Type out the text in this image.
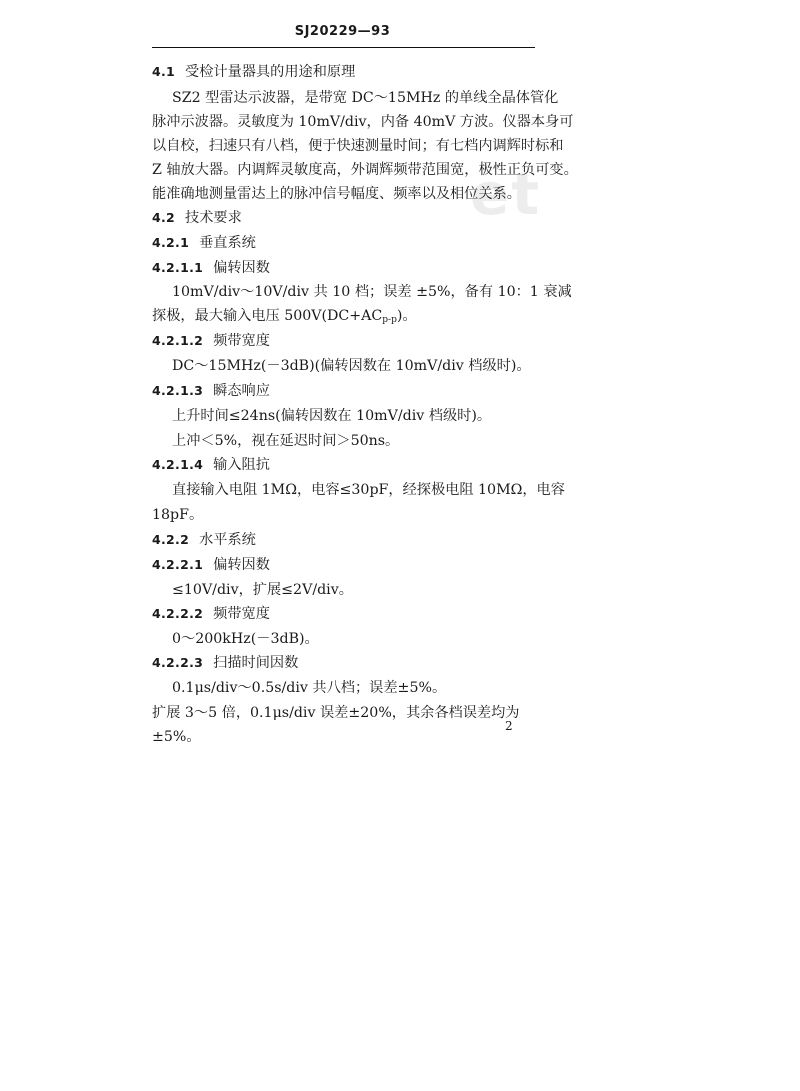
et
SJ20229—93
4.1 受检计量器具的用途和原理
SZ2 型雷达示波器，是带宽 DC～15MHz 的单线全晶体管化
脉冲示波器。灵敏度为 10mV/div，内备 40mV 方波。仪器本身可
以自校，扫速只有八档，便于快速测量时间；有七档内调辉时标和
Z 轴放大器。内调辉灵敏度高，外调辉频带范围宽，极性正负可变。
能准确地测量雷达上的脉冲信号幅度、频率以及相位关系。
4.2 技术要求
4.2.1 垂直系统
4.2.1.1 偏转因数
10mV/div～10V/div 共 10 档；误差 ±5%，备有 10：1 衰减
探极，最大输入电压 $500V(DC+AC_{p-p})$。
4.2.1.2 频带宽度
DC～15MHz(－3dB)(偏转因数在 10mV/div 档级时)。
4.2.1.3 瞬态响应
上升时间≤24ns(偏转因数在 10mV/div 档级时)。
上冲＜5%，视在延迟时间＞50ns。
4.2.1.4 输入阻抗
直接输入电阻 1MΩ，电容≤30pF，经探极电阻 10MΩ，电容
18pF。
4.2.2 水平系统
4.2.2.1 偏转因数
≤10V/div，扩展≤2V/div。
4.2.2.2 频带宽度
0～200kHz(－3dB)。
4.2.2.3 扫描时间因数
0.1μs/div～0.5s/div 共八档；误差±5%。
扩展 3～5 倍，0.1μs/div 误差±20%，其余各档误差均为
±5%。
2
